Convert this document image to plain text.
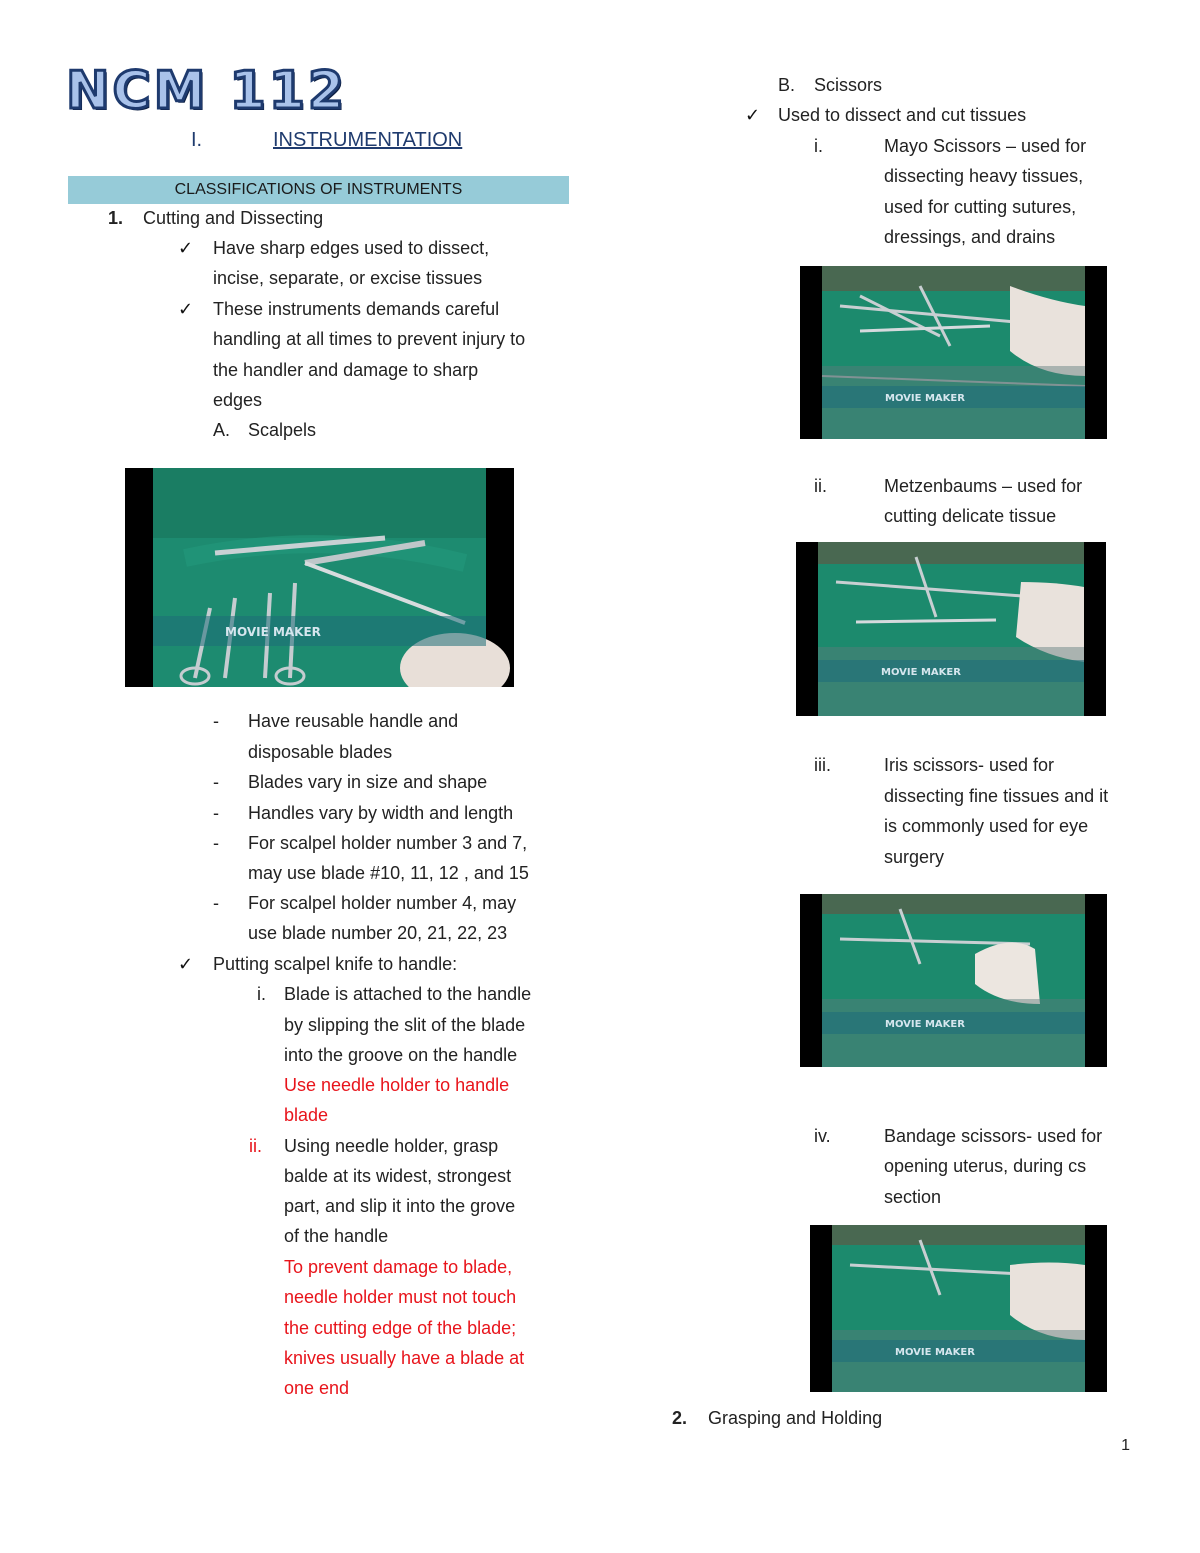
NCM 112
I.	INSTRUMENTATION
CLASSIFICATIONS OF INSTRUMENTS
1. Cutting and Dissecting
✓ Have sharp edges used to dissect,
incise, separate, or excise tissues
✓ These instruments demands careful
handling at all times to prevent injury to
the handler and damage to sharp
edges
A. Scalpels
MOVIE MAKER
- Have reusable handle and
disposable blades
- Blades vary in size and shape
- Handles vary by width and length
- For scalpel holder number 3 and 7,
may use blade #10, 11, 12 , and 15
- For scalpel holder number 4, may
use blade number 20, 21, 22, 23
✓ Putting scalpel knife to handle:
i. Blade is attached to the handle
by slipping the slit of the blade
into the groove on the handle
Use needle holder to handle
blade
ii. Using needle holder, grasp
balde at its widest, strongest
part, and slip it into the grove
of the handle
To prevent damage to blade,
needle holder must not touch
the cutting edge of the blade;
knives usually have a blade at
one end
B. Scissors
✓ Used to dissect and cut tissues
i.	Mayo Scissors – used for
dissecting heavy tissues,
used for cutting sutures,
dressings, and drains
MOVIE MAKER
ii.	Metzenbaums – used for
cutting delicate tissue
MOVIE MAKER
iii.	Iris scissors- used for
dissecting fine tissues and it
is commonly used for eye
surgery
MOVIE MAKER
iv.	Bandage scissors- used for
opening uterus, during cs
section
MOVIE MAKER
2. Grasping and Holding
1
